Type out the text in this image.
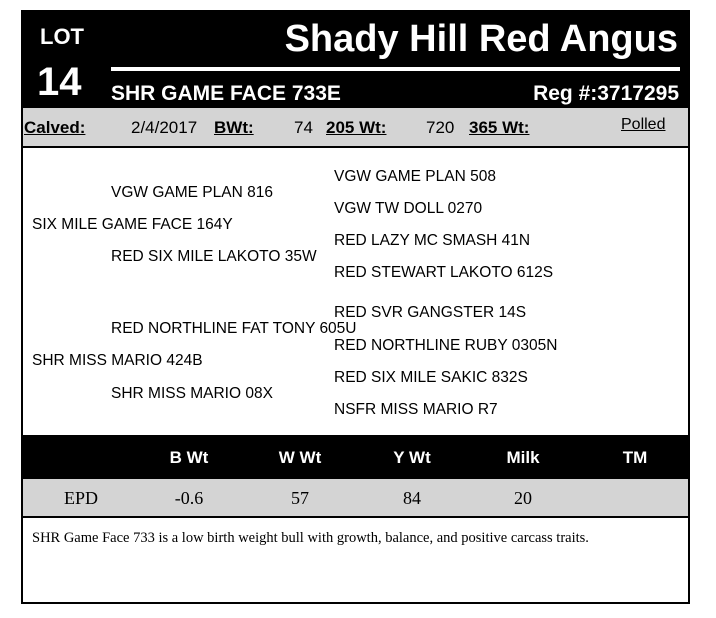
LOT
14
Shady Hill Red Angus
SHR GAME FACE 733E	Reg #:3717295
Calved:	2/4/2017 BWt: 74 205 Wt: 720 365 Wt:	Polled
VGW GAME PLAN 508
VGW GAME PLAN 816
VGW TW DOLL 0270
SIX MILE GAME FACE 164Y
RED LAZY MC SMASH 41N
RED SIX MILE LAKOTO 35W
RED STEWART LAKOTO 612S
RED SVR GANGSTER 14S
RED NORTHLINE FAT TONY 605U
RED NORTHLINE RUBY 0305N
SHR MISS MARIO 424B
RED SIX MILE SAKIC 832S
SHR MISS MARIO 08X
NSFR MISS MARIO R7
B Wt	W Wt	Y Wt	Milk	TM
EPD	-0.6	57	84	20
SHR Game Face 733 is a low birth weight bull with growth, balance, and positive carcass traits.
